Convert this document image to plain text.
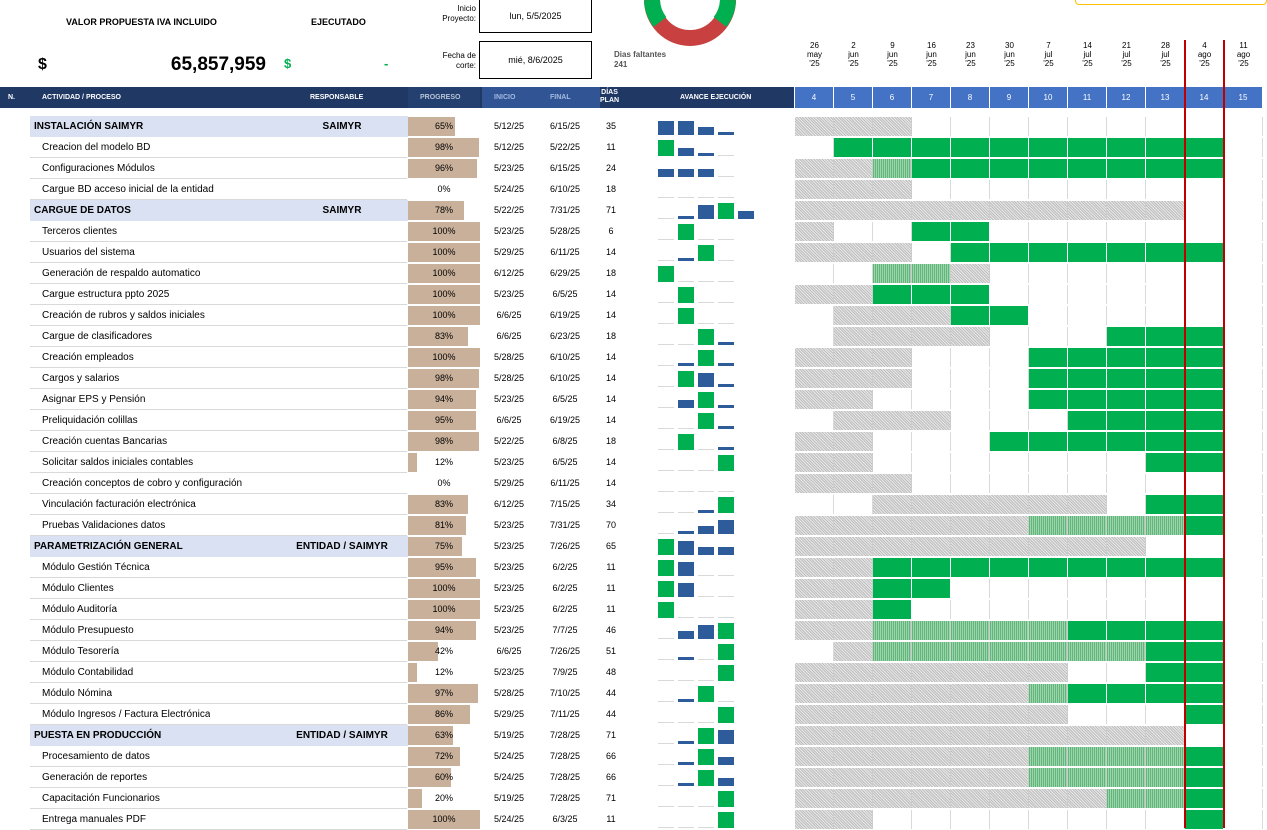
VALOR PROPUESTA IVA INCLUIDO	EJECUTADO
$	65,857,959 $	-
Inicio
Proyecto:	lun, 5/5/2025
Fecha de
corte:
mié, 8/6/2025
Dias faltantes
241
26
may
'25
4
2
jun
'25
5
9
jun
'25
6
16
jun
'25
7
23
jun
'25
8
30
jun
'25
9
7
jul
'25
10
14
jul
'25
11
21
jul
'25
12
28
jul
'25
13
4
ago
'25
14
11
ago
'25
15
N.	ACTIVIDAD / PROCESO	RESPONSABLE	PROGRESO
DÍAS
PLAN	AVANCE EJECUCIÓN
INSTALACIÓN SAIMYR	SAIMYR	65%	5/12/25	6/15/25	35
Creacion del modelo BD	98%	5/12/25	5/22/25	11
Configuraciones Módulos	96%	5/23/25	6/15/25	24
Cargue BD acceso inicial de la entidad	0%	5/24/25	6/10/25	18
CARGUE DE DATOS	SAIMYR	78%	5/22/25	7/31/25	71
Terceros clientes	100%	5/23/25	5/28/25	6
Usuarios del sistema	100%	5/29/25	6/11/25	14
Generación de respaldo automatico	100%	6/12/25	6/29/25	18
Cargue estructura ppto 2025	100%	5/23/25	6/5/25	14
Creación de rubros y saldos iniciales	100%	6/6/25	6/19/25	14
Cargue de clasificadores	83%	6/6/25	6/23/25	18
Creación empleados	100%	5/28/25	6/10/25	14
Cargos y salarios	98%	5/28/25	6/10/25	14
Asignar EPS y Pensión	94%	5/23/25	6/5/25	14
Preliquidación colillas	95%	6/6/25	6/19/25	14
Creación cuentas Bancarias	98%	5/22/25	6/8/25	18
Solicitar saldos iniciales contables	12%	5/23/25	6/5/25	14
Creación conceptos de cobro y configuración	0%	5/29/25	6/11/25	14
Vinculación facturación electrónica	83%	6/12/25	7/15/25	34
Pruebas Validaciones datos	81%	5/23/25	7/31/25	70
PARAMETRIZACIÓN GENERAL	ENTIDAD / SAIMYR	75%	5/23/25	7/26/25	65
Módulo Gestión Técnica	95%	5/23/25	6/2/25	11
Módulo Clientes	100%	5/23/25	6/2/25	11
Módulo Auditoría	100%	5/23/25	6/2/25	11
Módulo Presupuesto	94%	5/23/25	7/7/25	46
Módulo Tesorería	42%	6/6/25	7/26/25	51
Módulo Contabilidad	12%	5/23/25	7/9/25	48
Módulo Nómina	97%	5/28/25	7/10/25	44
Módulo Ingresos / Factura Electrónica	86%	5/29/25	7/11/25	44
PUESTA EN PRODUCCIÓN	ENTIDAD / SAIMYR	63%	5/19/25	7/28/25	71
Procesamiento de datos	72%	5/24/25	7/28/25	66
Generación de reportes	60%	5/24/25	7/28/25	66
Capacitación Funcionarios	20%	5/19/25	7/28/25	71
Entrega manuales PDF	100%	5/24/25	6/3/25	11
